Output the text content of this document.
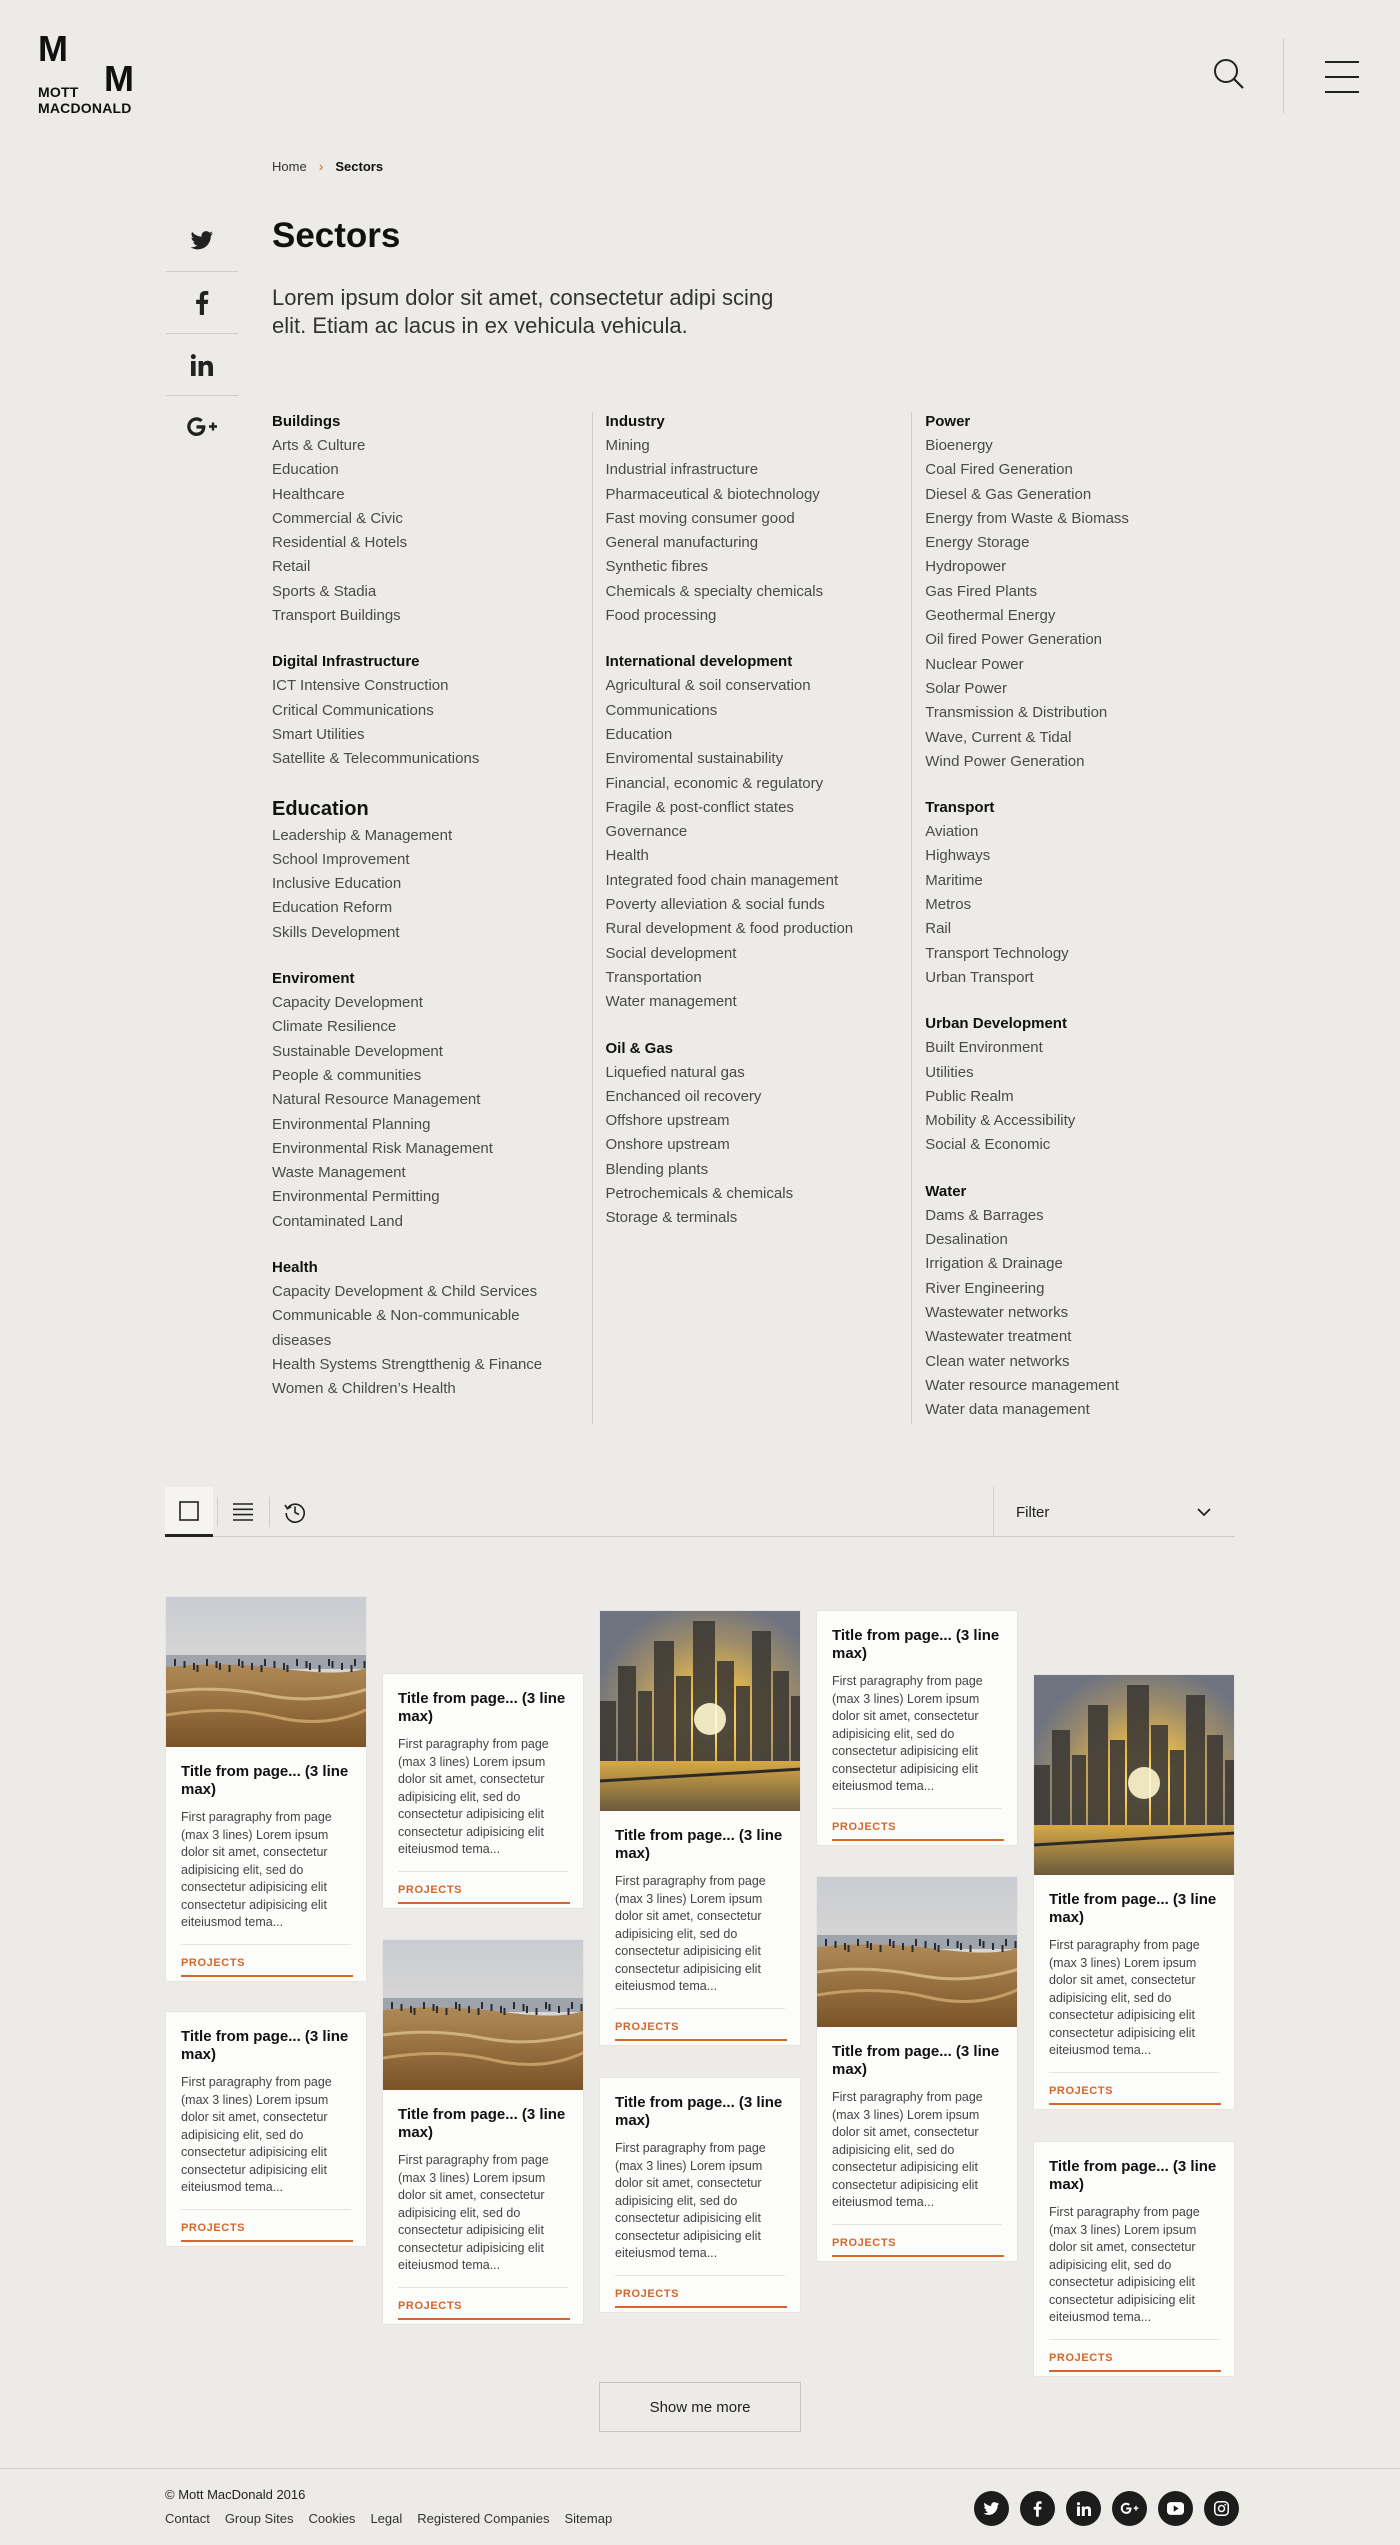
M
M
MOTT
MACDONALD
Home › Sectors
Sectors

Lorem ipsum dolor sit amet, consectetur adipi scing elit. Etiam ac lacus in ex vehicula vehicula.

Buildings
Arts & Culture
Education
Healthcare
Commercial & Civic
Residential & Hotels
Retail
Sports & Stadia
Transport Buildings
Digital Infrastructure
ICT Intensive Construction
Critical Communications
Smart Utilities
Satellite & Telecommunications
Education
Leadership & Management
School Improvement
Inclusive Education
Education Reform
Skills Development
Enviroment
Capacity Development
Climate Resilience
Sustainable Development
People & communities
Natural Resource Management
Environmental Planning
Environmental Risk Management
Waste Management
Environmental Permitting
Contaminated Land
Health
Capacity Development & Child Services
Communicable & Non-communicable diseases
Health Systems Strengtthenig & Finance
Women & Children’s Health
Industry
Mining
Industrial infrastructure
Pharmaceutical & biotechnology
Fast moving consumer good
General manufacturing
Synthetic fibres
Chemicals & specialty chemicals
Food processing
International development
Agricultural & soil conservation
Communications
Education
Enviromental sustainability
Financial, economic & regulatory
Fragile & post-conflict states
Governance
Health
Integrated food chain management
Poverty alleviation & social funds
Rural development & food production
Social development
Transportation
Water management
Oil & Gas
Liquefied natural gas
Enchanced oil recovery
Offshore upstream
Onshore upstream
Blending plants
Petrochemicals & chemicals
Storage & terminals
Power
Bioenergy
Coal Fired Generation
Diesel & Gas Generation
Energy from Waste & Biomass
Energy Storage
Hydropower
Gas Fired Plants
Geothermal Energy
Oil fired Power Generation
Nuclear Power
Solar Power
Transmission & Distribution
Wave, Current & Tidal
Wind Power Generation
Transport
Aviation
Highways
Maritime
Metros
Rail
Transport Technology
Urban Transport
Urban Development
Built Environment
Utilities
Public Realm
Mobility & Accessibility
Social & Economic
Water
Dams & Barrages
Desalination
Irrigation & Drainage
River Engineering
Wastewater networks
Wastewater treatment
Clean water networks
Water resource management
Water data management
Filter
Title from page... (3 line max)

First paragraphy from page (max 3 lines) Lorem ipsum dolor sit amet, consectetur adipisicing elit, sed do consectetur adipisicing elit consectetur adipisicing elit eiteiusmod tema...

PROJECTS
Title from page... (3 line max)

First paragraphy from page (max 3 lines) Lorem ipsum dolor sit amet, consectetur adipisicing elit, sed do consectetur adipisicing elit consectetur adipisicing elit eiteiusmod tema...

PROJECTS
Title from page... (3 line max)

First paragraphy from page (max 3 lines) Lorem ipsum dolor sit amet, consectetur adipisicing elit, sed do consectetur adipisicing elit consectetur adipisicing elit eiteiusmod tema...

PROJECTS
Title from page... (3 line max)

First paragraphy from page (max 3 lines) Lorem ipsum dolor sit amet, consectetur adipisicing elit, sed do consectetur adipisicing elit consectetur adipisicing elit eiteiusmod tema...

PROJECTS
Title from page... (3 line max)

First paragraphy from page (max 3 lines) Lorem ipsum dolor sit amet, consectetur adipisicing elit, sed do consectetur adipisicing elit consectetur adipisicing elit eiteiusmod tema...

PROJECTS
Title from page... (3 line max)

First paragraphy from page (max 3 lines) Lorem ipsum dolor sit amet, consectetur adipisicing elit, sed do consectetur adipisicing elit consectetur adipisicing elit eiteiusmod tema...

PROJECTS
Title from page... (3 line max)

First paragraphy from page (max 3 lines) Lorem ipsum dolor sit amet, consectetur adipisicing elit, sed do consectetur adipisicing elit consectetur adipisicing elit eiteiusmod tema...

PROJECTS
Title from page... (3 line max)

First paragraphy from page (max 3 lines) Lorem ipsum dolor sit amet, consectetur adipisicing elit, sed do consectetur adipisicing elit consectetur adipisicing elit eiteiusmod tema...

PROJECTS
Title from page... (3 line max)

First paragraphy from page (max 3 lines) Lorem ipsum dolor sit amet, consectetur adipisicing elit, sed do consectetur adipisicing elit consectetur adipisicing elit eiteiusmod tema...

PROJECTS
Title from page... (3 line max)

First paragraphy from page (max 3 lines) Lorem ipsum dolor sit amet, consectetur adipisicing elit, sed do consectetur adipisicing elit consectetur adipisicing elit eiteiusmod tema...

PROJECTS
Show me more
© Mott MacDonald 2016
Contact Group Sites Cookies Legal Registered Companies Sitemap
